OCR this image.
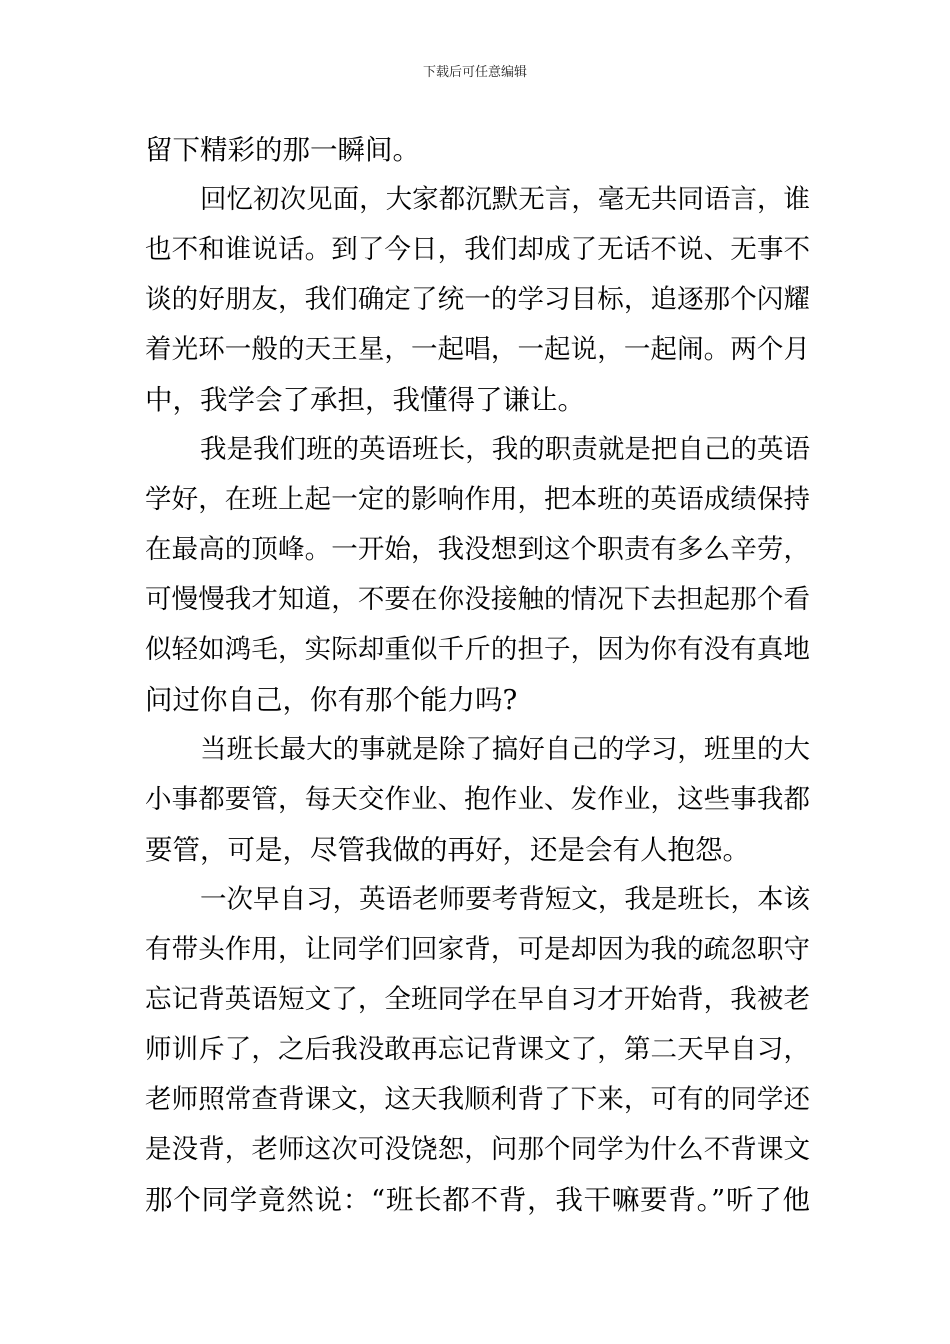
下载后可任意编辑
留下精彩的那一瞬间。
回忆初次见面，大家都沉默无言，毫无共同语言，谁
也不和谁说话。到了今日，我们却成了无话不说、无事不
谈的好朋友，我们确定了统一的学习目标，追逐那个闪耀
着光环一般的天王星，一起唱，一起说，一起闹。两个月
中，我学会了承担，我懂得了谦让。
我是我们班的英语班长，我的职责就是把自己的英语
学好，在班上起一定的影响作用，把本班的英语成绩保持
在最高的顶峰。一开始，我没想到这个职责有多么辛劳，
可慢慢我才知道，不要在你没接触的情况下去担起那个看
似轻如鸿毛，实际却重似千斤的担子，因为你有没有真地
问过你自己，你有那个能力吗?
当班长最大的事就是除了搞好自己的学习，班里的大
小事都要管，每天交作业、抱作业、发作业，这些事我都
要管，可是，尽管我做的再好，还是会有人抱怨。
一次早自习，英语老师要考背短文，我是班长，本该
有带头作用，让同学们回家背，可是却因为我的疏忽职守
忘记背英语短文了，全班同学在早自习才开始背，我被老
师训斥了，之后我没敢再忘记背课文了，第二天早自习，
老师照常查背课文，这天我顺利背了下来，可有的同学还
是没背，老师这次可没饶恕，问那个同学为什么不背课文
那个同学竟然说：“班长都不背，我干嘛要背。”听了他
